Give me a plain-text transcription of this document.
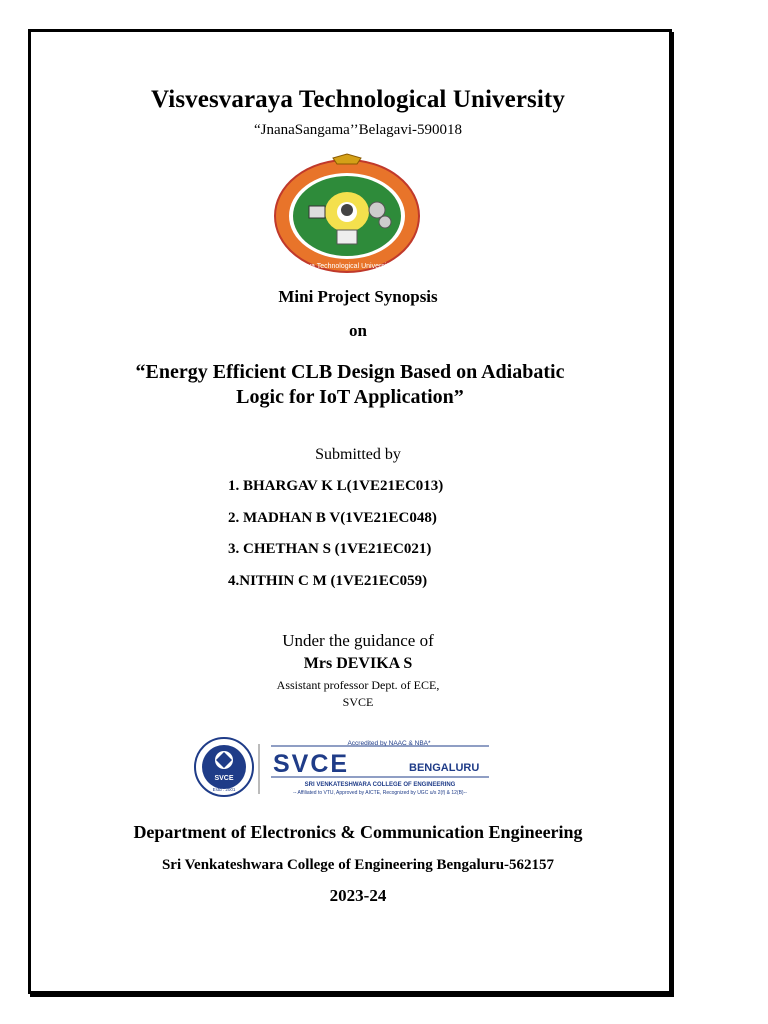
Visvesvaraya Technological University
“JnanaSangama’’Belagavi-590018
Visvesvaraya Technological University Belagavi
Mini Project Synopsis
on
“Energy Efficient CLB Design Based on Adiabatic
Logic for IoT Application”
Submitted by
1. BHARGAV K L(1VE21EC013)
2. MADHAN B V(1VE21EC048)
3. CHETHAN S (1VE21EC021)
4.NITHIN C M (1VE21EC059)
Under the guidance of
Mrs DEVIKA S
Assistant professor Dept. of ECE,
SVCE
SVCE
Estd : 2001
Accredited by NAAC & NBA*
SVCE	BENGALURU
SRI VENKATESHWARA COLLEGE OF ENGINEERING
-- Affiliated to VTU, Approved by AICTE, Recognized by UGC u/s 2(f) & 12(B)--
Department of Electronics & Communication Engineering
Sri Venkateshwara College of Engineering Bengaluru-562157
2023-24
